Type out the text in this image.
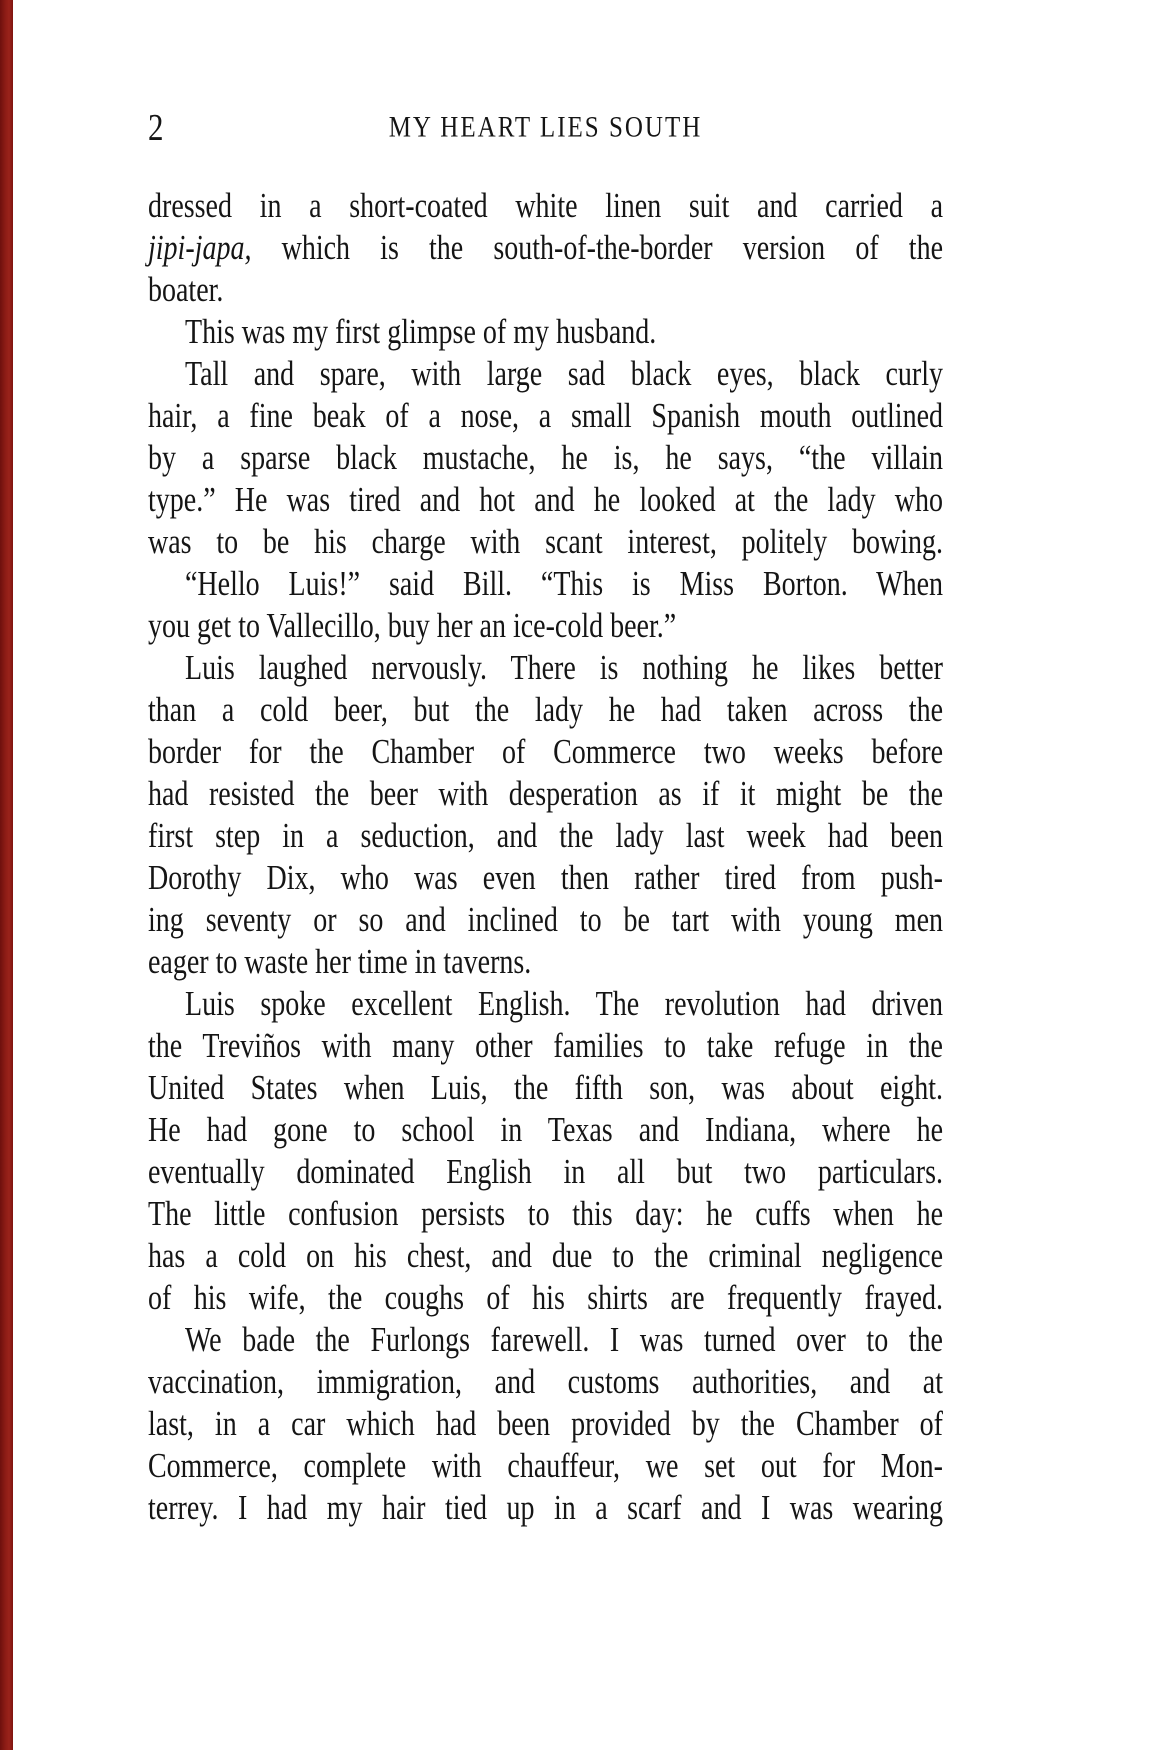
2	MY HEART LIES SOUTH
dressed in a short-coated white linen suit and carried a
jipi-japa, which is the south-of-the-border version of the
boater.
This was my first glimpse of my husband.
Tall and spare, with large sad black eyes, black curly
hair, a fine beak of a nose, a small Spanish mouth outlined
by a sparse black mustache, he is, he says, “the villain
type.” He was tired and hot and he looked at the lady who
was to be his charge with scant interest, politely bowing.
“Hello Luis!” said Bill. “This is Miss Borton. When
you get to Vallecillo, buy her an ice-cold beer.”
Luis laughed nervously. There is nothing he likes better
than a cold beer, but the lady he had taken across the
border for the Chamber of Commerce two weeks before
had resisted the beer with desperation as if it might be the
first step in a seduction, and the lady last week had been
Dorothy Dix, who was even then rather tired from push-
ing seventy or so and inclined to be tart with young men
eager to waste her time in taverns.
Luis spoke excellent English. The revolution had driven
the Treviños with many other families to take refuge in the
United States when Luis, the fifth son, was about eight.
He had gone to school in Texas and Indiana, where he
eventually dominated English in all but two particulars.
The little confusion persists to this day: he cuffs when he
has a cold on his chest, and due to the criminal negligence
of his wife, the coughs of his shirts are frequently frayed.
We bade the Furlongs farewell. I was turned over to the
vaccination, immigration, and customs authorities, and at
last, in a car which had been provided by the Chamber of
Commerce, complete with chauffeur, we set out for Mon-
terrey. I had my hair tied up in a scarf and I was wearing
